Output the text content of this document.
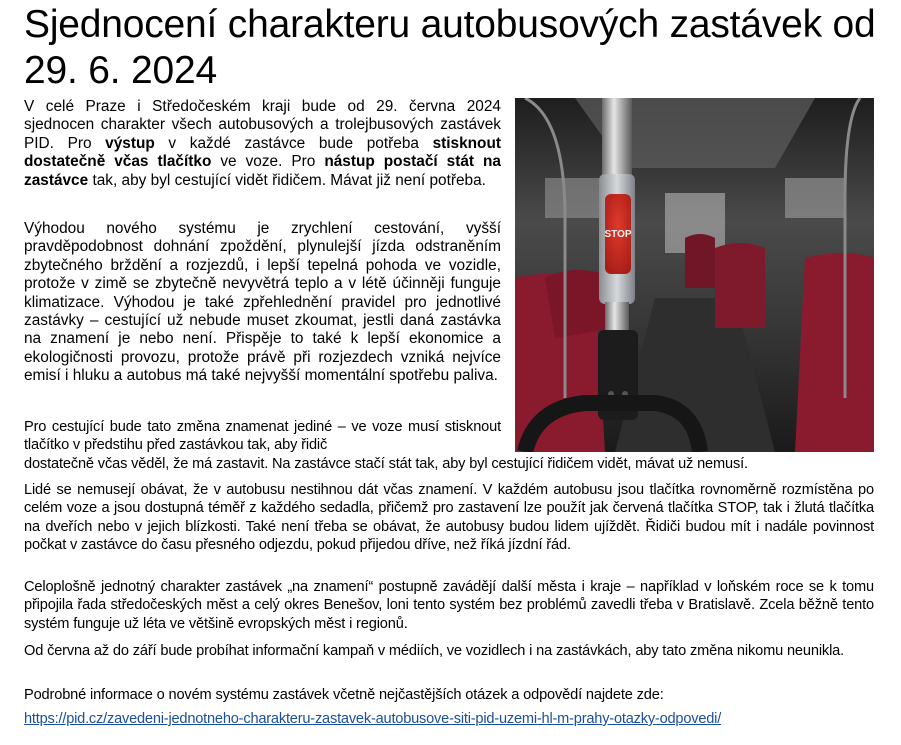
Sjednocení charakteru autobusových zastávek od 29. 6. 2024

V celé Praze i Středočeském kraji bude od 29. června 2024 sjednocen charakter všech autobusových a trolejbusových zastávek PID. Pro výstup v každé zastávce bude potřeba stisknout dostatečně včas tlačítko ve voze. Pro nástup postačí stát na zastávce tak, aby byl cestující vidět řidičem. Mávat již není potřeba.

Výhodou nového systému je zrychlení cestování, vyšší pravděpodobnost dohnání zpoždění, plynulejší jízda odstraněním zbytečného brždění a rozjezdů, i lepší tepelná pohoda ve vozidle, protože v zimě se zbytečně nevyvětrá teplo a v létě účinněji funguje klimatizace. Výhodou je také zpřehlednění pravidel pro jednotlivé zastávky – cestující už nebude muset zkoumat, jestli daná zastávka na znamení je nebo není. Přispěje to také k lepší ekonomice a ekologičnosti provozu, protože právě při rozjezdech vzniká nejvíce emisí i hluku a autobus má také nejvyšší momentální spotřebu paliva.

Pro cestující bude tato změna znamenat jediné – ve voze musí stisknout tlačítko v předstihu před zastávkou tak, aby řidič

dostatečně včas věděl, že má zastavit. Na zastávce stačí stát tak, aby byl cestující řidičem vidět, mávat už nemusí.

Lidé se nemusejí obávat, že v autobusu nestihnou dát včas znamení. V každém autobusu jsou tlačítka rovnoměrně rozmístěna po celém voze a jsou dostupná téměř z každého sedadla, přičemž pro zastavení lze použít jak červená tlačítka STOP, tak i žlutá tlačítka na dveřích nebo v jejich blízkosti. Také není třeba se obávat, že autobusy budou lidem ujíždět. Řidiči budou mít i nadále povinnost počkat v zastávce do času přesného odjezdu, pokud přijedou dříve, než říká jízdní řád.

Celoplošně jednotný charakter zastávek „na znamení“ postupně zavádějí další města i kraje – například v loňském roce se k tomu připojila řada středočeských měst a celý okres Benešov, loni tento systém bez problémů zavedli třeba v Bratislavě. Zcela běžně tento systém funguje už léta ve většině evropských měst i regionů.

Od června až do září bude probíhat informační kampaň v médiích, ve vozidlech i na zastávkách, aby tato změna nikomu neunikla.

Podrobné informace o novém systému zastávek včetně nejčastějších otázek a odpovědí najdete zde:

https://pid.cz/zavedeni-jednotneho-charakteru-zastavek-autobusove-siti-pid-uzemi-hl-m-prahy-otazky-odpovedi/

STOP
